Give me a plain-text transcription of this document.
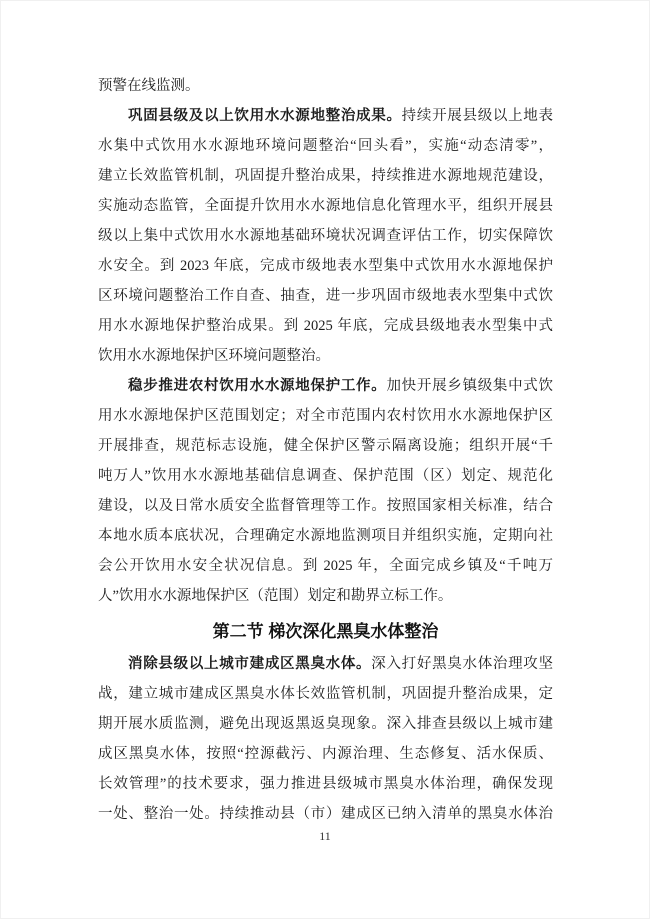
预警在线监测。
巩固县级及以上饮用水水源地整治成果。持续开展县级以上地表
水集中式饮用水水源地环境问题整治“回头看”，实施“动态清零”，
建立长效监管机制，巩固提升整治成果，持续推进水源地规范建设，
实施动态监管，全面提升饮用水水源地信息化管理水平，组织开展县
级以上集中式饮用水水源地基础环境状况调查评估工作，切实保障饮
水安全。到 2023 年底，完成市级地表水型集中式饮用水水源地保护
区环境问题整治工作自查、抽查，进一步巩固市级地表水型集中式饮
用水水源地保护整治成果。到 2025 年底，完成县级地表水型集中式
饮用水水源地保护区环境问题整治。
稳步推进农村饮用水水源地保护工作。加快开展乡镇级集中式饮
用水水源地保护区范围划定；对全市范围内农村饮用水水源地保护区
开展排查，规范标志设施，健全保护区警示隔离设施；组织开展“千
吨万人”饮用水水源地基础信息调查、保护范围（区）划定、规范化
建设，以及日常水质安全监督管理等工作。按照国家相关标准，结合
本地水质本底状况，合理确定水源地监测项目并组织实施，定期向社
会公开饮用水安全状况信息。到 2025 年，全面完成乡镇及“千吨万
人”饮用水水源地保护区（范围）划定和勘界立标工作。
第二节 梯次深化黑臭水体整治
消除县级以上城市建成区黑臭水体。深入打好黑臭水体治理攻坚
战，建立城市建成区黑臭水体长效监管机制，巩固提升整治成果，定
期开展水质监测，避免出现返黑返臭现象。深入排查县级以上城市建
成区黑臭水体，按照“控源截污、内源治理、生态修复、活水保质、
长效管理”的技术要求，强力推进县级城市黑臭水体治理，确保发现
一处、整治一处。持续推动县（市）建成区已纳入清单的黑臭水体治
11
